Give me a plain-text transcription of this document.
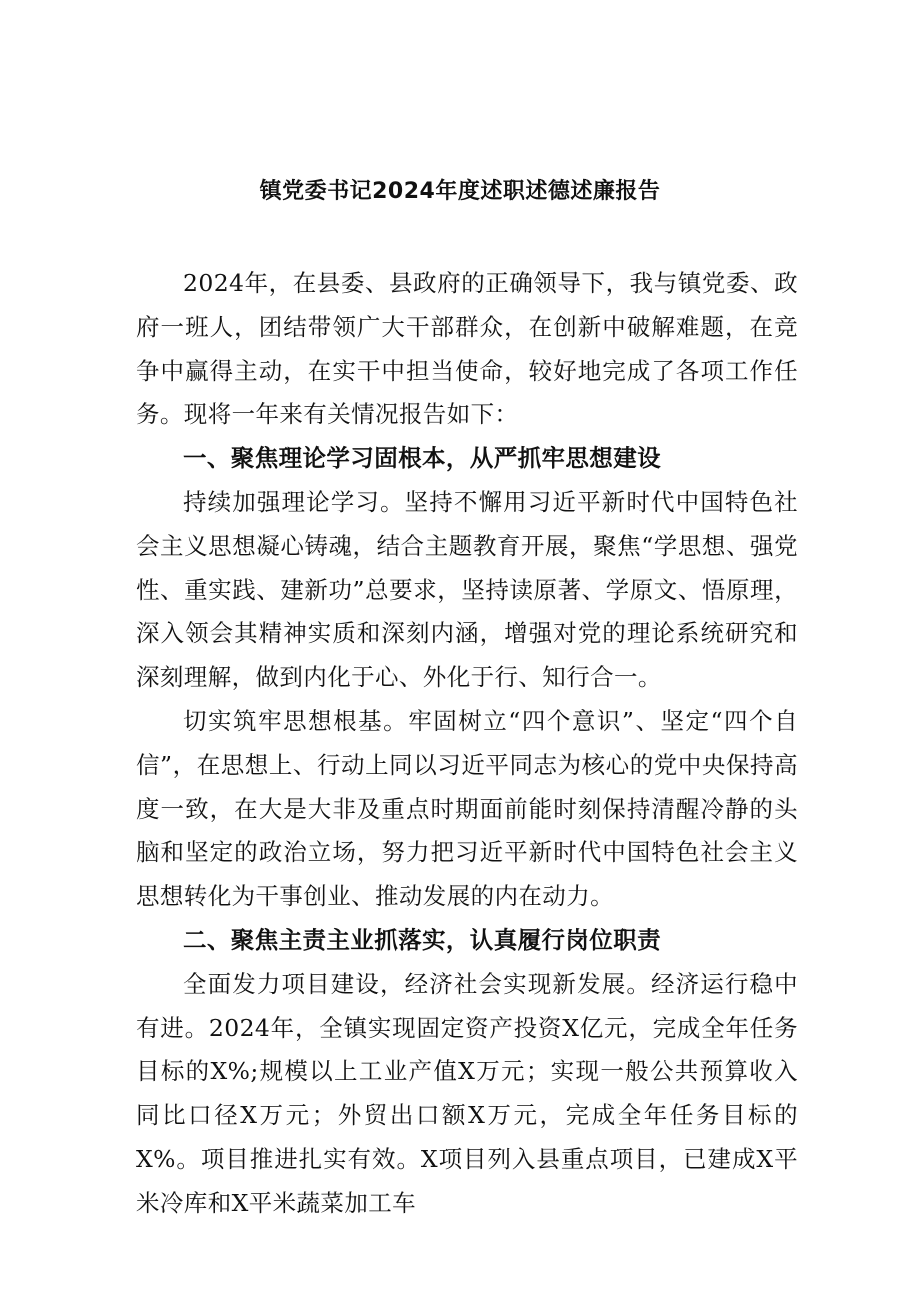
镇党委书记2024年度述职述德述廉报告

2024年，在县委、县政府的正确领导下，我与镇党委、政府一班人，团结带领广大干部群众，在创新中破解难题，在竞争中赢得主动，在实干中担当使命，较好地完成了各项工作任务。现将一年来有关情况报告如下：

一、聚焦理论学习固根本，从严抓牢思想建设

持续加强理论学习。坚持不懈用习近平新时代中国特色社会主义思想凝心铸魂，结合主题教育开展，聚焦“学思想、强党性、重实践、建新功”总要求，坚持读原著、学原文、悟原理，深入领会其精神实质和深刻内涵，增强对党的理论系统研究和深刻理解，做到内化于心、外化于行、知行合一。

切实筑牢思想根基。牢固树立“四个意识”、坚定“四个自信”，在思想上、行动上同以习近平同志为核心的党中央保持高度一致，在大是大非及重点时期面前能时刻保持清醒冷静的头脑和坚定的政治立场，努力把习近平新时代中国特色社会主义思想转化为干事创业、推动发展的内在动力。

二、聚焦主责主业抓落实，认真履行岗位职责

全面发力项目建设，经济社会实现新发展。经济运行稳中有进。2024年，全镇实现固定资产投资X亿元，完成全年任务目标的X%;规模以上工业产值X万元；实现一般公共预算收入同比口径X万元；外贸出口额X万元，完成全年任务目标的X%。项目推进扎实有效。X项目列入县重点项目，已建成X平米冷库和X平米蔬菜加工车
